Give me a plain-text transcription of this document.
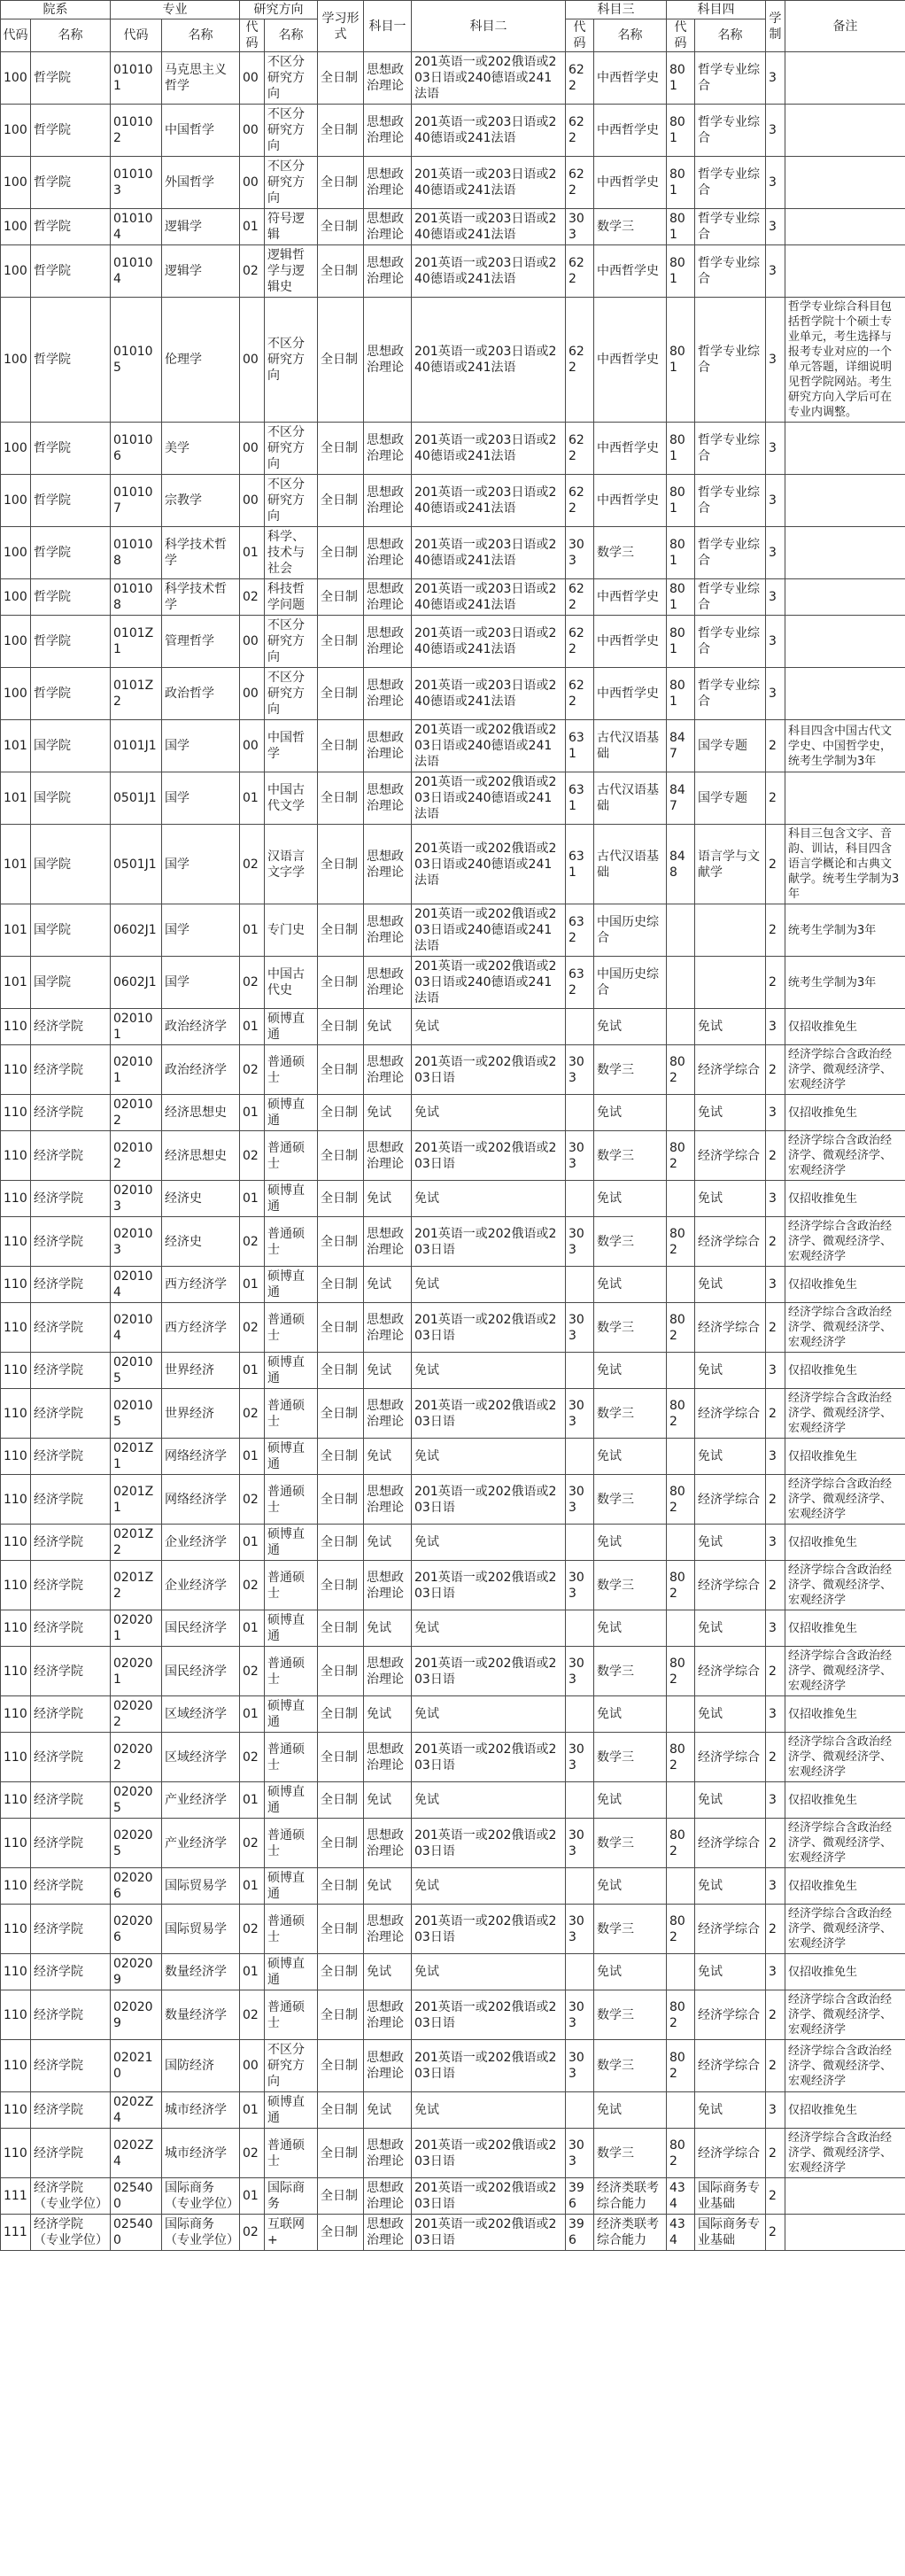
院系		专业		研究方向		学习形式	科目一	科目二	科目三		科目四		学制	备注
代码	名称	代码	名称	代码	名称				代码	名称	代码	名称		
100	哲学院	010101	马克思主义哲学	00	不区分研究方向	全日制	思想政治理论	201英语一或202俄语或203日语或240德语或241法语	622	中西哲学史	801	哲学专业综合	3	
100	哲学院	010102	中国哲学	00	不区分研究方向	全日制	思想政治理论	201英语一或203日语或240德语或241法语	622	中西哲学史	801	哲学专业综合	3	
100	哲学院	010103	外国哲学	00	不区分研究方向	全日制	思想政治理论	201英语一或203日语或240德语或241法语	622	中西哲学史	801	哲学专业综合	3	
100	哲学院	010104	逻辑学	01	符号逻辑	全日制	思想政治理论	201英语一或203日语或240德语或241法语	303	数学三	801	哲学专业综合	3	
100	哲学院	010104	逻辑学	02	逻辑哲学与逻辑史	全日制	思想政治理论	201英语一或203日语或240德语或241法语	622	中西哲学史	801	哲学专业综合	3	
100	哲学院	010105	伦理学	00	不区分研究方向	全日制	思想政治理论	201英语一或203日语或240德语或241法语	622	中西哲学史	801	哲学专业综合	3	哲学专业综合科目包括哲学院十个硕士专业单元，考生选择与报考专业对应的一个单元答题，详细说明见哲学院网站。考生研究方向入学后可在专业内调整。
100	哲学院	010106	美学	00	不区分研究方向	全日制	思想政治理论	201英语一或203日语或240德语或241法语	622	中西哲学史	801	哲学专业综合	3	
100	哲学院	010107	宗教学	00	不区分研究方向	全日制	思想政治理论	201英语一或203日语或240德语或241法语	622	中西哲学史	801	哲学专业综合	3	
100	哲学院	010108	科学技术哲学	01	科学、技术与社会	全日制	思想政治理论	201英语一或203日语或240德语或241法语	303	数学三	801	哲学专业综合	3	
100	哲学院	010108	科学技术哲学	02	科技哲学问题	全日制	思想政治理论	201英语一或203日语或240德语或241法语	622	中西哲学史	801	哲学专业综合	3	
100	哲学院	0101Z1	管理哲学	00	不区分研究方向	全日制	思想政治理论	201英语一或203日语或240德语或241法语	622	中西哲学史	801	哲学专业综合	3	
100	哲学院	0101Z2	政治哲学	00	不区分研究方向	全日制	思想政治理论	201英语一或203日语或240德语或241法语	622	中西哲学史	801	哲学专业综合	3	
101	国学院	0101J1	国学	00	中国哲学	全日制	思想政治理论	201英语一或202俄语或203日语或240德语或241法语	631	古代汉语基础	847	国学专题	2	科目四含中国古代文学史、中国哲学史，统考生学制为3年
101	国学院	0501J1	国学	01	中国古代文学	全日制	思想政治理论	201英语一或202俄语或203日语或240德语或241法语	631	古代汉语基础	847	国学专题	2	
101	国学院	0501J1	国学	02	汉语言文字学	全日制	思想政治理论	201英语一或202俄语或203日语或240德语或241法语	631	古代汉语基础	848	语言学与文献学	2	科目三包含文字、音韵、训诂，科目四含语言学概论和古典文献学。统考生学制为3年
101	国学院	0602J1	国学	01	专门史	全日制	思想政治理论	201英语一或202俄语或203日语或240德语或241法语	632	中国历史综合			2	统考生学制为3年
101	国学院	0602J1	国学	02	中国古代史	全日制	思想政治理论	201英语一或202俄语或203日语或240德语或241法语	632	中国历史综合			2	统考生学制为3年
110	经济学院	020101	政治经济学	01	硕博直通	全日制	免试	免试		免试		免试	3	仅招收推免生
110	经济学院	020101	政治经济学	02	普通硕士	全日制	思想政治理论	201英语一或202俄语或203日语	303	数学三	802	经济学综合	2	经济学综合含政治经济学、微观经济学、宏观经济学
110	经济学院	020102	经济思想史	01	硕博直通	全日制	免试	免试		免试		免试	3	仅招收推免生
110	经济学院	020102	经济思想史	02	普通硕士	全日制	思想政治理论	201英语一或202俄语或203日语	303	数学三	802	经济学综合	2	经济学综合含政治经济学、微观经济学、宏观经济学
110	经济学院	020103	经济史	01	硕博直通	全日制	免试	免试		免试		免试	3	仅招收推免生
110	经济学院	020103	经济史	02	普通硕士	全日制	思想政治理论	201英语一或202俄语或203日语	303	数学三	802	经济学综合	2	经济学综合含政治经济学、微观经济学、宏观经济学
110	经济学院	020104	西方经济学	01	硕博直通	全日制	免试	免试		免试		免试	3	仅招收推免生
110	经济学院	020104	西方经济学	02	普通硕士	全日制	思想政治理论	201英语一或202俄语或203日语	303	数学三	802	经济学综合	2	经济学综合含政治经济学、微观经济学、宏观经济学
110	经济学院	020105	世界经济	01	硕博直通	全日制	免试	免试		免试		免试	3	仅招收推免生
110	经济学院	020105	世界经济	02	普通硕士	全日制	思想政治理论	201英语一或202俄语或203日语	303	数学三	802	经济学综合	2	经济学综合含政治经济学、微观经济学、宏观经济学
110	经济学院	0201Z1	网络经济学	01	硕博直通	全日制	免试	免试		免试		免试	3	仅招收推免生
110	经济学院	0201Z1	网络经济学	02	普通硕士	全日制	思想政治理论	201英语一或202俄语或203日语	303	数学三	802	经济学综合	2	经济学综合含政治经济学、微观经济学、宏观经济学
110	经济学院	0201Z2	企业经济学	01	硕博直通	全日制	免试	免试		免试		免试	3	仅招收推免生
110	经济学院	0201Z2	企业经济学	02	普通硕士	全日制	思想政治理论	201英语一或202俄语或203日语	303	数学三	802	经济学综合	2	经济学综合含政治经济学、微观经济学、宏观经济学
110	经济学院	020201	国民经济学	01	硕博直通	全日制	免试	免试		免试		免试	3	仅招收推免生
110	经济学院	020201	国民经济学	02	普通硕士	全日制	思想政治理论	201英语一或202俄语或203日语	303	数学三	802	经济学综合	2	经济学综合含政治经济学、微观经济学、宏观经济学
110	经济学院	020202	区域经济学	01	硕博直通	全日制	免试	免试		免试		免试	3	仅招收推免生
110	经济学院	020202	区域经济学	02	普通硕士	全日制	思想政治理论	201英语一或202俄语或203日语	303	数学三	802	经济学综合	2	经济学综合含政治经济学、微观经济学、宏观经济学
110	经济学院	020205	产业经济学	01	硕博直通	全日制	免试	免试		免试		免试	3	仅招收推免生
110	经济学院	020205	产业经济学	02	普通硕士	全日制	思想政治理论	201英语一或202俄语或203日语	303	数学三	802	经济学综合	2	经济学综合含政治经济学、微观经济学、宏观经济学
110	经济学院	020206	国际贸易学	01	硕博直通	全日制	免试	免试		免试		免试	3	仅招收推免生
110	经济学院	020206	国际贸易学	02	普通硕士	全日制	思想政治理论	201英语一或202俄语或203日语	303	数学三	802	经济学综合	2	经济学综合含政治经济学、微观经济学、宏观经济学
110	经济学院	020209	数量经济学	01	硕博直通	全日制	免试	免试		免试		免试	3	仅招收推免生
110	经济学院	020209	数量经济学	02	普通硕士	全日制	思想政治理论	201英语一或202俄语或203日语	303	数学三	802	经济学综合	2	经济学综合含政治经济学、微观经济学、宏观经济学
110	经济学院	020210	国防经济	00	不区分研究方向	全日制	思想政治理论	201英语一或202俄语或203日语	303	数学三	802	经济学综合	2	经济学综合含政治经济学、微观经济学、宏观经济学
110	经济学院	0202Z4	城市经济学	01	硕博直通	全日制	免试	免试		免试		免试	3	仅招收推免生
110	经济学院	0202Z4	城市经济学	02	普通硕士	全日制	思想政治理论	201英语一或202俄语或203日语	303	数学三	802	经济学综合	2	经济学综合含政治经济学、微观经济学、宏观经济学
111	经济学院（专业学位）	025400	国际商务（专业学位）	01	国际商务	全日制	思想政治理论	201英语一或202俄语或203日语	396	经济类联考综合能力	434	国际商务专业基础	2	
111	经济学院（专业学位）	025400	国际商务（专业学位）	02	互联网+	全日制	思想政治理论	201英语一或202俄语或203日语	396	经济类联考综合能力	434	国际商务专业基础	2	
